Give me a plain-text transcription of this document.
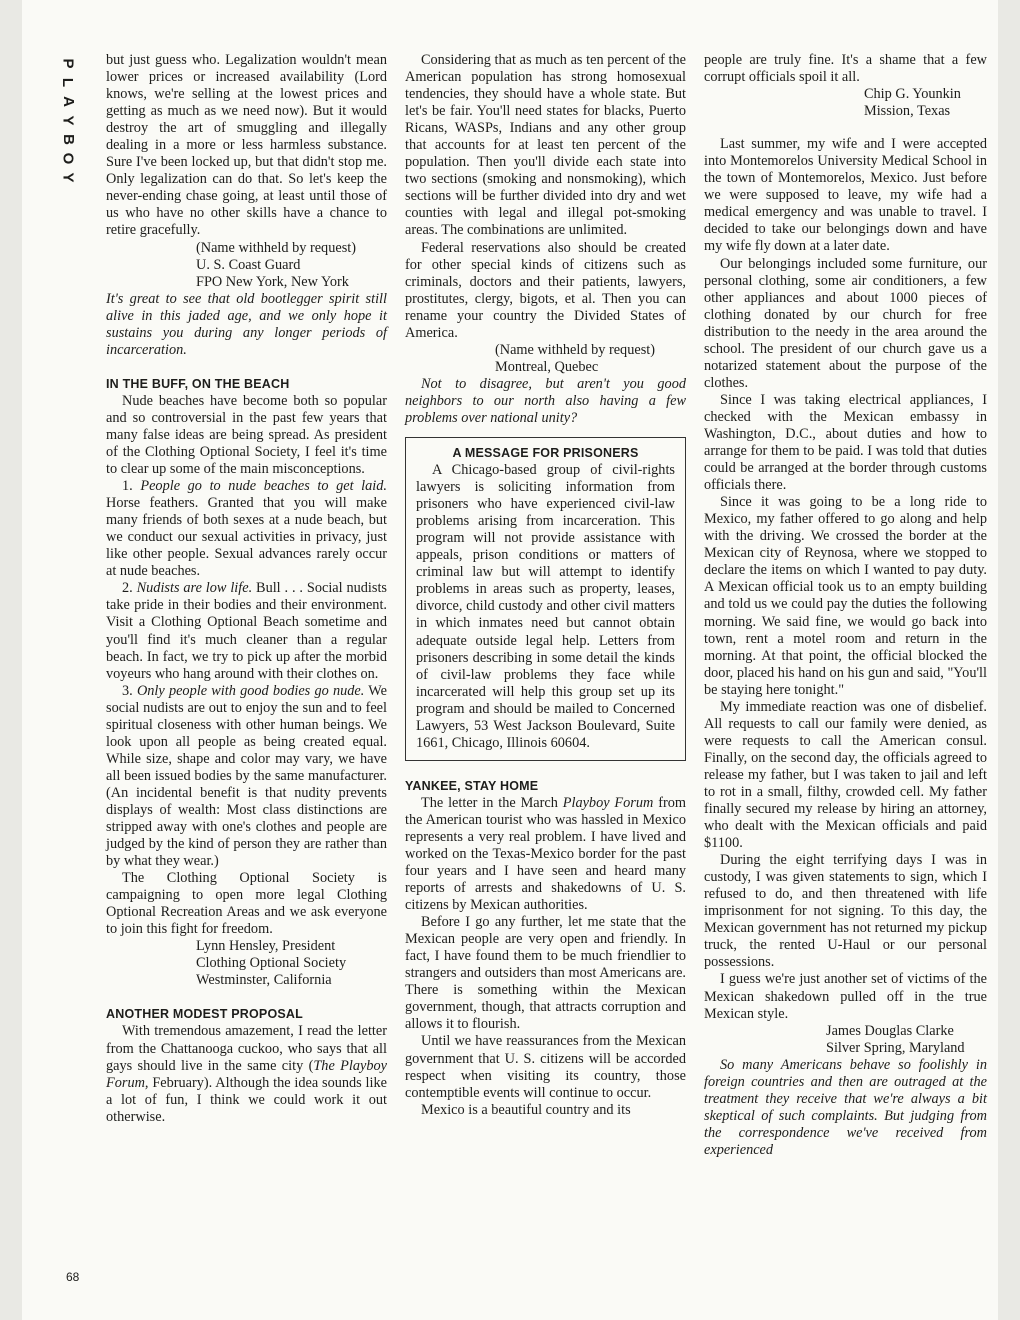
P
L
A
Y
B
O
Y

but just guess who. Legalization wouldn't mean lower prices or increased availability (Lord knows, we're selling at the lowest prices and getting as much as we need now). But it would destroy the art of smuggling and illegally dealing in a more or less harmless substance. Sure I've been locked up, but that didn't stop me. Only legalization can do that. So let's keep the never-ending chase going, at least until those of us who have no other skills have a chance to retire gracefully.

(Name withheld by request)

U. S. Coast Guard

FPO New York, New York

It's great to see that old bootlegger spirit still alive in this jaded age, and we only hope it sustains you during any longer periods of incarceration.

IN THE BUFF, ON THE BEACH

Nude beaches have become both so popular and so controversial in the past few years that many false ideas are being spread. As president of the Clothing Optional Society, I feel it's time to clear up some of the main misconceptions.

1. People go to nude beaches to get laid. Horse feathers. Granted that you will make many friends of both sexes at a nude beach, but we conduct our sexual activities in privacy, just like other people. Sexual advances rarely occur at nude beaches.

2. Nudists are low life. Bull . . . Social nudists take pride in their bodies and their environment. Visit a Clothing Optional Beach sometime and you'll find it's much cleaner than a regular beach. In fact, we try to pick up after the morbid voyeurs who hang around with their clothes on.

3. Only people with good bodies go nude. We social nudists are out to enjoy the sun and to feel spiritual closeness with other human beings. We look upon all people as being created equal. While size, shape and color may vary, we have all been issued bodies by the same manufacturer. (An incidental benefit is that nudity prevents displays of wealth: Most class distinctions are stripped away with one's clothes and people are judged by the kind of person they are rather than by what they wear.)

The Clothing Optional Society is campaigning to open more legal Clothing Optional Recreation Areas and we ask everyone to join this fight for freedom.

Lynn Hensley, President

Clothing Optional Society

Westminster, California

ANOTHER MODEST PROPOSAL

With tremendous amazement, I read the letter from the Chattanooga cuckoo, who says that all gays should live in the same city (The Playboy Forum, February). Although the idea sounds like a lot of fun, I think we could work it out otherwise.

Considering that as much as ten percent of the American population has strong homosexual tendencies, they should have a whole state. But let's be fair. You'll need states for blacks, Puerto Ricans, WASPs, Indians and any other group that accounts for at least ten percent of the population. Then you'll divide each state into two sections (smoking and nonsmoking), which sections will be further divided into dry and wet counties with legal and illegal pot-smoking areas. The combinations are unlimited.

Federal reservations also should be created for other special kinds of citizens such as criminals, doctors and their patients, lawyers, prostitutes, clergy, bigots, et al. Then you can rename your country the Divided States of America.

(Name withheld by request)

Montreal, Quebec

Not to disagree, but aren't you good neighbors to our north also having a few problems over national unity?

A MESSAGE FOR PRISONERS

A Chicago-based group of civil-rights lawyers is soliciting information from prisoners who have experienced civil-law problems arising from incarceration. This program will not provide assistance with appeals, prison conditions or matters of criminal law but will attempt to identify problems in areas such as property, leases, divorce, child custody and other civil matters in which inmates need but cannot obtain adequate outside legal help. Letters from prisoners describing in some detail the kinds of civil-law problems they face while incarcerated will help this group set up its program and should be mailed to Concerned Lawyers, 53 West Jackson Boulevard, Suite 1661, Chicago, Illinois 60604.

YANKEE, STAY HOME

The letter in the March Playboy Forum from the American tourist who was hassled in Mexico represents a very real problem. I have lived and worked on the Texas-Mexico border for the past four years and I have seen and heard many reports of arrests and shakedowns of U. S. citizens by Mexican authorities.

Before I go any further, let me state that the Mexican people are very open and friendly. In fact, I have found them to be much friendlier to strangers and outsiders than most Americans are. There is something within the Mexican government, though, that attracts corruption and allows it to flourish.

Until we have reassurances from the Mexican government that U. S. citizens will be accorded respect when visiting its country, those contemptible events will continue to occur.

Mexico is a beautiful country and its

people are truly fine. It's a shame that a few corrupt officials spoil it all.

Chip G. Younkin

Mission, Texas

Last summer, my wife and I were accepted into Montemorelos University Medical School in the town of Montemorelos, Mexico. Just before we were supposed to leave, my wife had a medical emergency and was unable to travel. I decided to take our belongings down and have my wife fly down at a later date.

Our belongings included some furniture, our personal clothing, some air conditioners, a few other appliances and about 1000 pieces of clothing donated by our church for free distribution to the needy in the area around the school. The president of our church gave us a notarized statement about the purpose of the clothes.

Since I was taking electrical appliances, I checked with the Mexican embassy in Washington, D.C., about duties and how to arrange for them to be paid. I was told that duties could be arranged at the border through customs officials there.

Since it was going to be a long ride to Mexico, my father offered to go along and help with the driving. We crossed the border at the Mexican city of Reynosa, where we stopped to declare the items on which I wanted to pay duty. A Mexican official took us to an empty building and told us we could pay the duties the following morning. We said fine, we would go back into town, rent a motel room and return in the morning. At that point, the official blocked the door, placed his hand on his gun and said, "You'll be staying here tonight."

My immediate reaction was one of disbelief. All requests to call our family were denied, as were requests to call the American consul. Finally, on the second day, the officials agreed to release my father, but I was taken to jail and left to rot in a small, filthy, crowded cell. My father finally secured my release by hiring an attorney, who dealt with the Mexican officials and paid $1100.

During the eight terrifying days I was in custody, I was given statements to sign, which I refused to do, and then threatened with life imprisonment for not signing. To this day, the Mexican government has not returned my pickup truck, the rented U-Haul or our personal possessions.

I guess we're just another set of victims of the Mexican shakedown pulled off in the true Mexican style.

James Douglas Clarke

Silver Spring, Maryland

So many Americans behave so foolishly in foreign countries and then are outraged at the treatment they receive that we're always a bit skeptical of such complaints. But judging from the correspondence we've received from experienced

68
